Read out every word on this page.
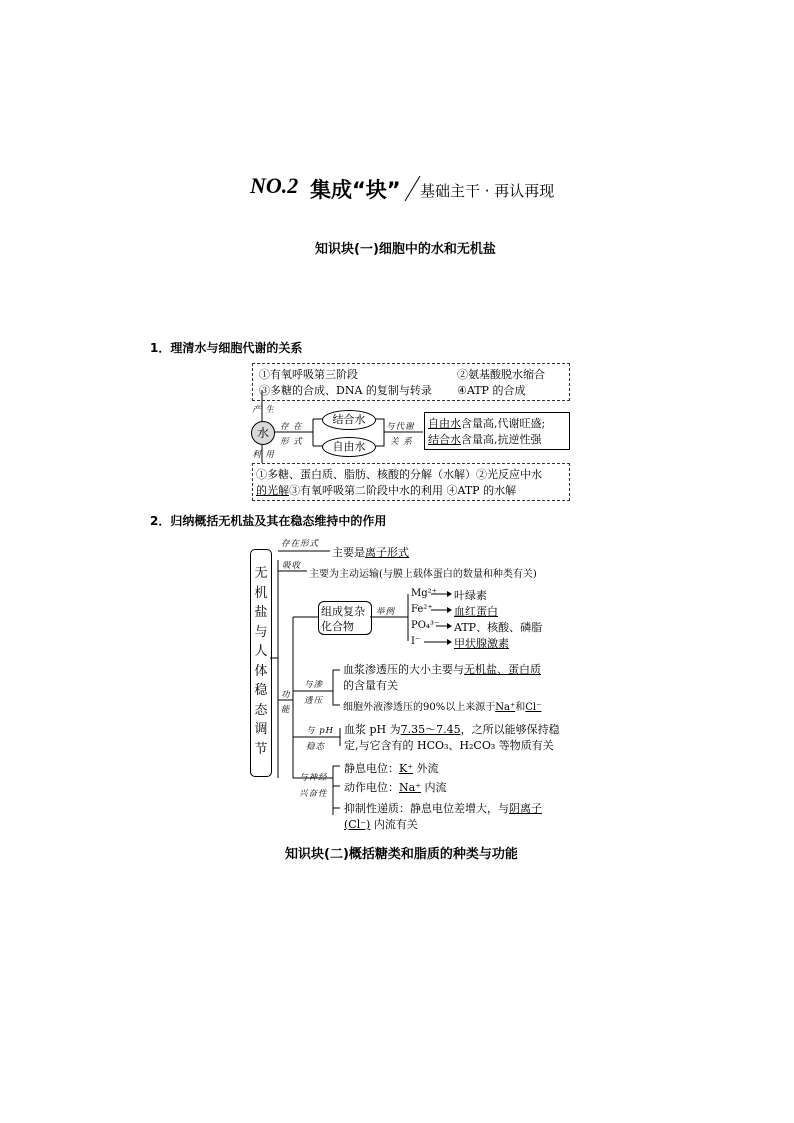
NO.2 集成“块” 基础主干 · 再认再现
知识块(一)细胞中的水和无机盐
1．理清水与细胞代谢的关系
①有氧呼吸第三阶段	②氨基酸脱水缩合
③多糖的合成、DNA 的复制与转录 ④ATP 的合成
产 生
水
利 用
存 在
形 式
结合水
自由水
与代谢
关 系
自由水含量高,代谢旺盛;
结合水含量高,抗逆性强
①多糖、蛋白质、脂肪、核酸的分解（水解）②光反应中水
的光解③有氧呼吸第二阶段中水的利用 ④ATP 的水解
2．归纳概括无机盐及其在稳态维持中的作用
无
机
盐
与
人
体
稳
态
调
节
存在形式
主要是离子形式
吸收
主要为主动运输(与膜上载体蛋白的数量和种类有关)
功
能
组成复杂
化合物
举例
Mg²⁺
Fe²⁺
PO₄³⁻
I⁻
叶绿素
血红蛋白
ATP、核酸、磷脂
甲状腺激素
与渗
透压
血浆渗透压的大小主要与无机盐、蛋白质
的含量有关
细胞外液渗透压的90%以上来源于Na⁺和Cl⁻
与 pH
稳态
血浆 pH 为7.35～7.45，之所以能够保持稳
定,与它含有的 HCO₃、H₂CO₃ 等物质有关
与神经
兴奋性
静息电位：K⁺ 外流
动作电位：Na⁺ 内流
抑制性递质：静息电位差增大，与阴离子
(Cl⁻) 内流有关
知识块(二)概括糖类和脂质的种类与功能
